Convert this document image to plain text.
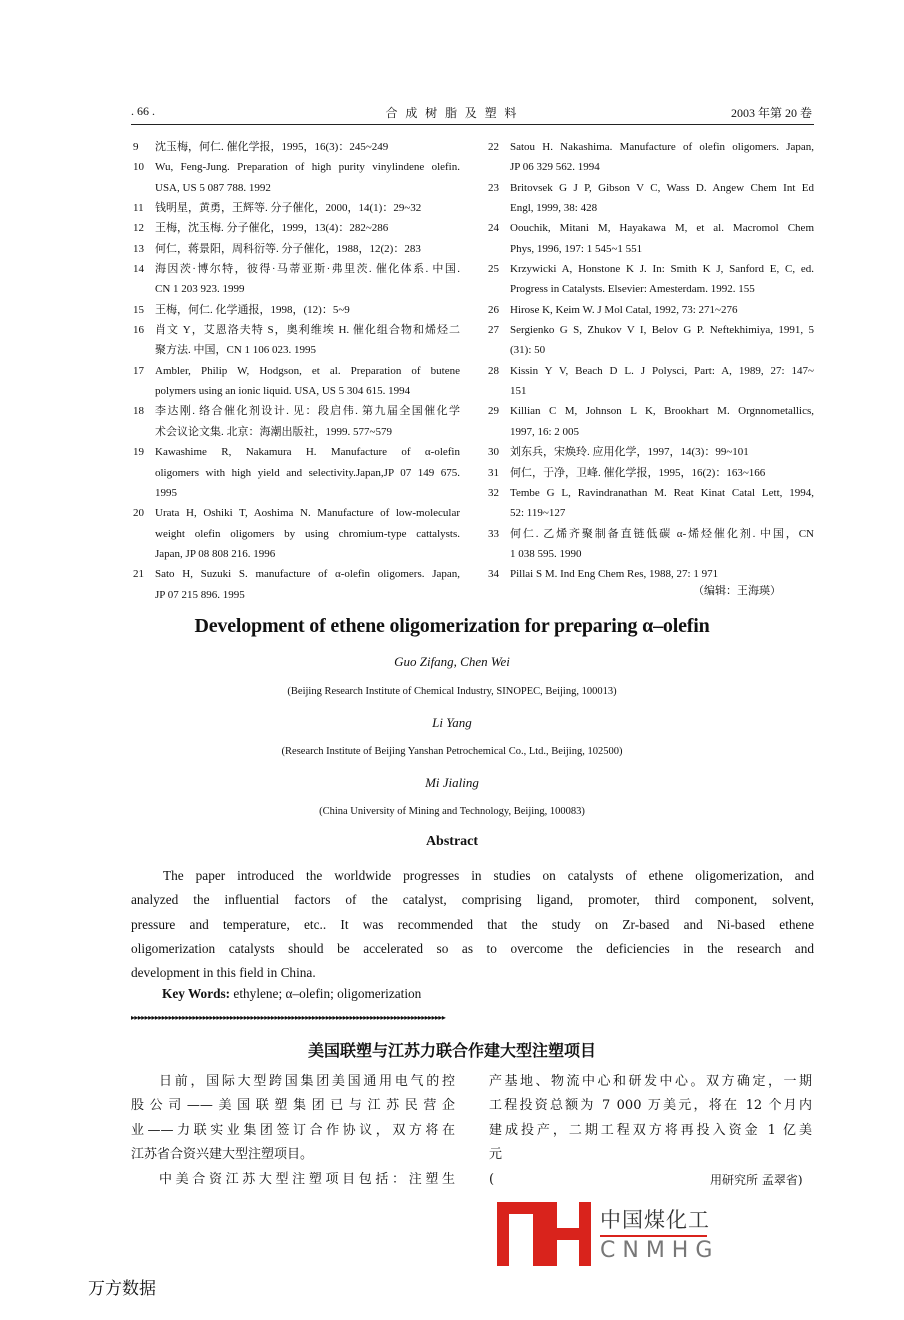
. 66 .	合 成 树 脂 及 塑 料	2003 年第 20 卷
9	沈玉梅，何仁. 催化学报，1995，16(3)：245~249
10	Wu, Feng-Jung. Preparation of high purity vinylindene olefin.
USA, US 5 087 788. 1992
11	钱明星，黄勇，王辉等. 分子催化，2000，14(1)：29~32
12	王梅，沈玉梅. 分子催化，1999，13(4)：282~286
13	何仁，蒋景阳，周科衍等. 分子催化，1988，12(2)：283
14	海因茨·博尔特，彼得·马蒂亚斯·弗里茨. 催化体系. 中国.
CN 1 203 923. 1999
15	王梅，何仁. 化学通报，1998，(12)：5~9
16	肖文 Y，艾恩洛夫特 S，奥利维埃 H. 催化组合物和烯烃二
聚方法. 中国，CN 1 106 023. 1995
17	Ambler, Philip W, Hodgson, et al. Preparation of butene
polymers using an ionic liquid. USA, US 5 304 615. 1994
18	李达刚. 络合催化剂设计. 见：段启伟. 第九届全国催化学
术会议论文集. 北京：海潮出版社，1999. 577~579
19	Kawashime R, Nakamura H. Manufacture of α-olefin
oligomers with high yield and selectivity.Japan,JP 07 149 675.
1995
20	Urata H, Oshiki T, Aoshima N. Manufacture of low-molecular
weight olefin oligomers by using chromium-type cattalysts.
Japan, JP 08 808 216. 1996
21	Sato H, Suzuki S. manufacture of α-olefin oligomers. Japan,
JP 07 215 896. 1995
22	Satou H. Nakashima. Manufacture of olefin oligomers. Japan,
JP 06 329 562. 1994
23	Britovsek G J P, Gibson V C, Wass D. Angew Chem Int Ed
Engl, 1999, 38: 428
24	Oouchik, Mitani M, Hayakawa M, et al. Macromol Chem
Phys, 1996, 197: 1 545~1 551
25	Krzywicki A, Honstone K J. In: Smith K J, Sanford E, C, ed.
Progress in Catalysts. Elsevier: Amesterdam. 1992. 155
26	Hirose K, Keim W. J Mol Catal, 1992, 73: 271~276
27	Sergienko G S, Zhukov V I, Belov G P. Neftekhimiya, 1991, 5
(31): 50
28	Kissin Y V, Beach D L. J Polysci, Part: A, 1989, 27: 147~
151
29	Killian C M, Johnson L K, Brookhart M. Orgnnometallics,
1997, 16: 2 005
30	刘东兵，宋焕玲. 应用化学，1997，14(3)：99~101
31	何仁，于净，卫峰. 催化学报，1995，16(2)：163~166
32	Tembe G L, Ravindranathan M. Reat Kinat Catal Lett, 1994,
52: 119~127
33	何仁. 乙烯齐聚制备直链低碳 α-烯烃催化剂. 中国，CN
1 038 595. 1990
34	Pillai S M. Ind Eng Chem Res, 1988, 27: 1 971
（编辑：王海瑛）
Development of ethene oligomerization for preparing α–olefin
Guo Zifang, Chen Wei
(Beijing Research Institute of Chemical Industry, SINOPEC, Beijing, 100013)
Li Yang
(Research Institute of Beijing Yanshan Petrochemical Co., Ltd., Beijing, 102500)
Mi Jialing
(China University of Mining and Technology, Beijing, 100083)
Abstract
The paper introduced the worldwide progresses in studies on catalysts of ethene oligomerization, and
analyzed the influential factors of the catalyst, comprising ligand, promoter, third component, solvent,
pressure and temperature, etc.. It was recommended that the study on Zr-based and Ni-based ethene
oligomerization catalysts should be accelerated so as to overcome the deficiencies in the research and
development in this field in China.
Key Words: ethylene; α–olefin; oligomerization
▸▸▸▸▸▸▸▸▸▸▸▸▸▸▸▸▸▸▸▸▸▸▸▸▸▸▸▸▸▸▸▸▸▸▸▸▸▸▸▸▸▸▸▸▸▸▸▸▸▸▸▸▸▸▸▸▸▸▸▸▸▸▸▸▸▸▸▸▸▸▸▸▸▸▸▸▸▸▸▸▸▸▸▸▸▸▸▸▸▸▸▸
美国联塑与江苏力联合作建大型注塑项目
日前，国际大型跨国集团美国通用电气的控
股公司——美国联塑集团已与江苏民营企
业——力联实业集团签订合作协议，双方将在
江苏省合资兴建大型注塑项目。
中美合资江苏大型注塑项目包括：注塑生
产基地、物流中心和研发中心。双方确定，一期
工程投资总额为 7 000 万美元，将在 12 个月内
建成投产，二期工程双方将再投入资金 1 亿美
元
(	用研究所 孟翠省)
中国煤化工
CNMHG
万方数据
